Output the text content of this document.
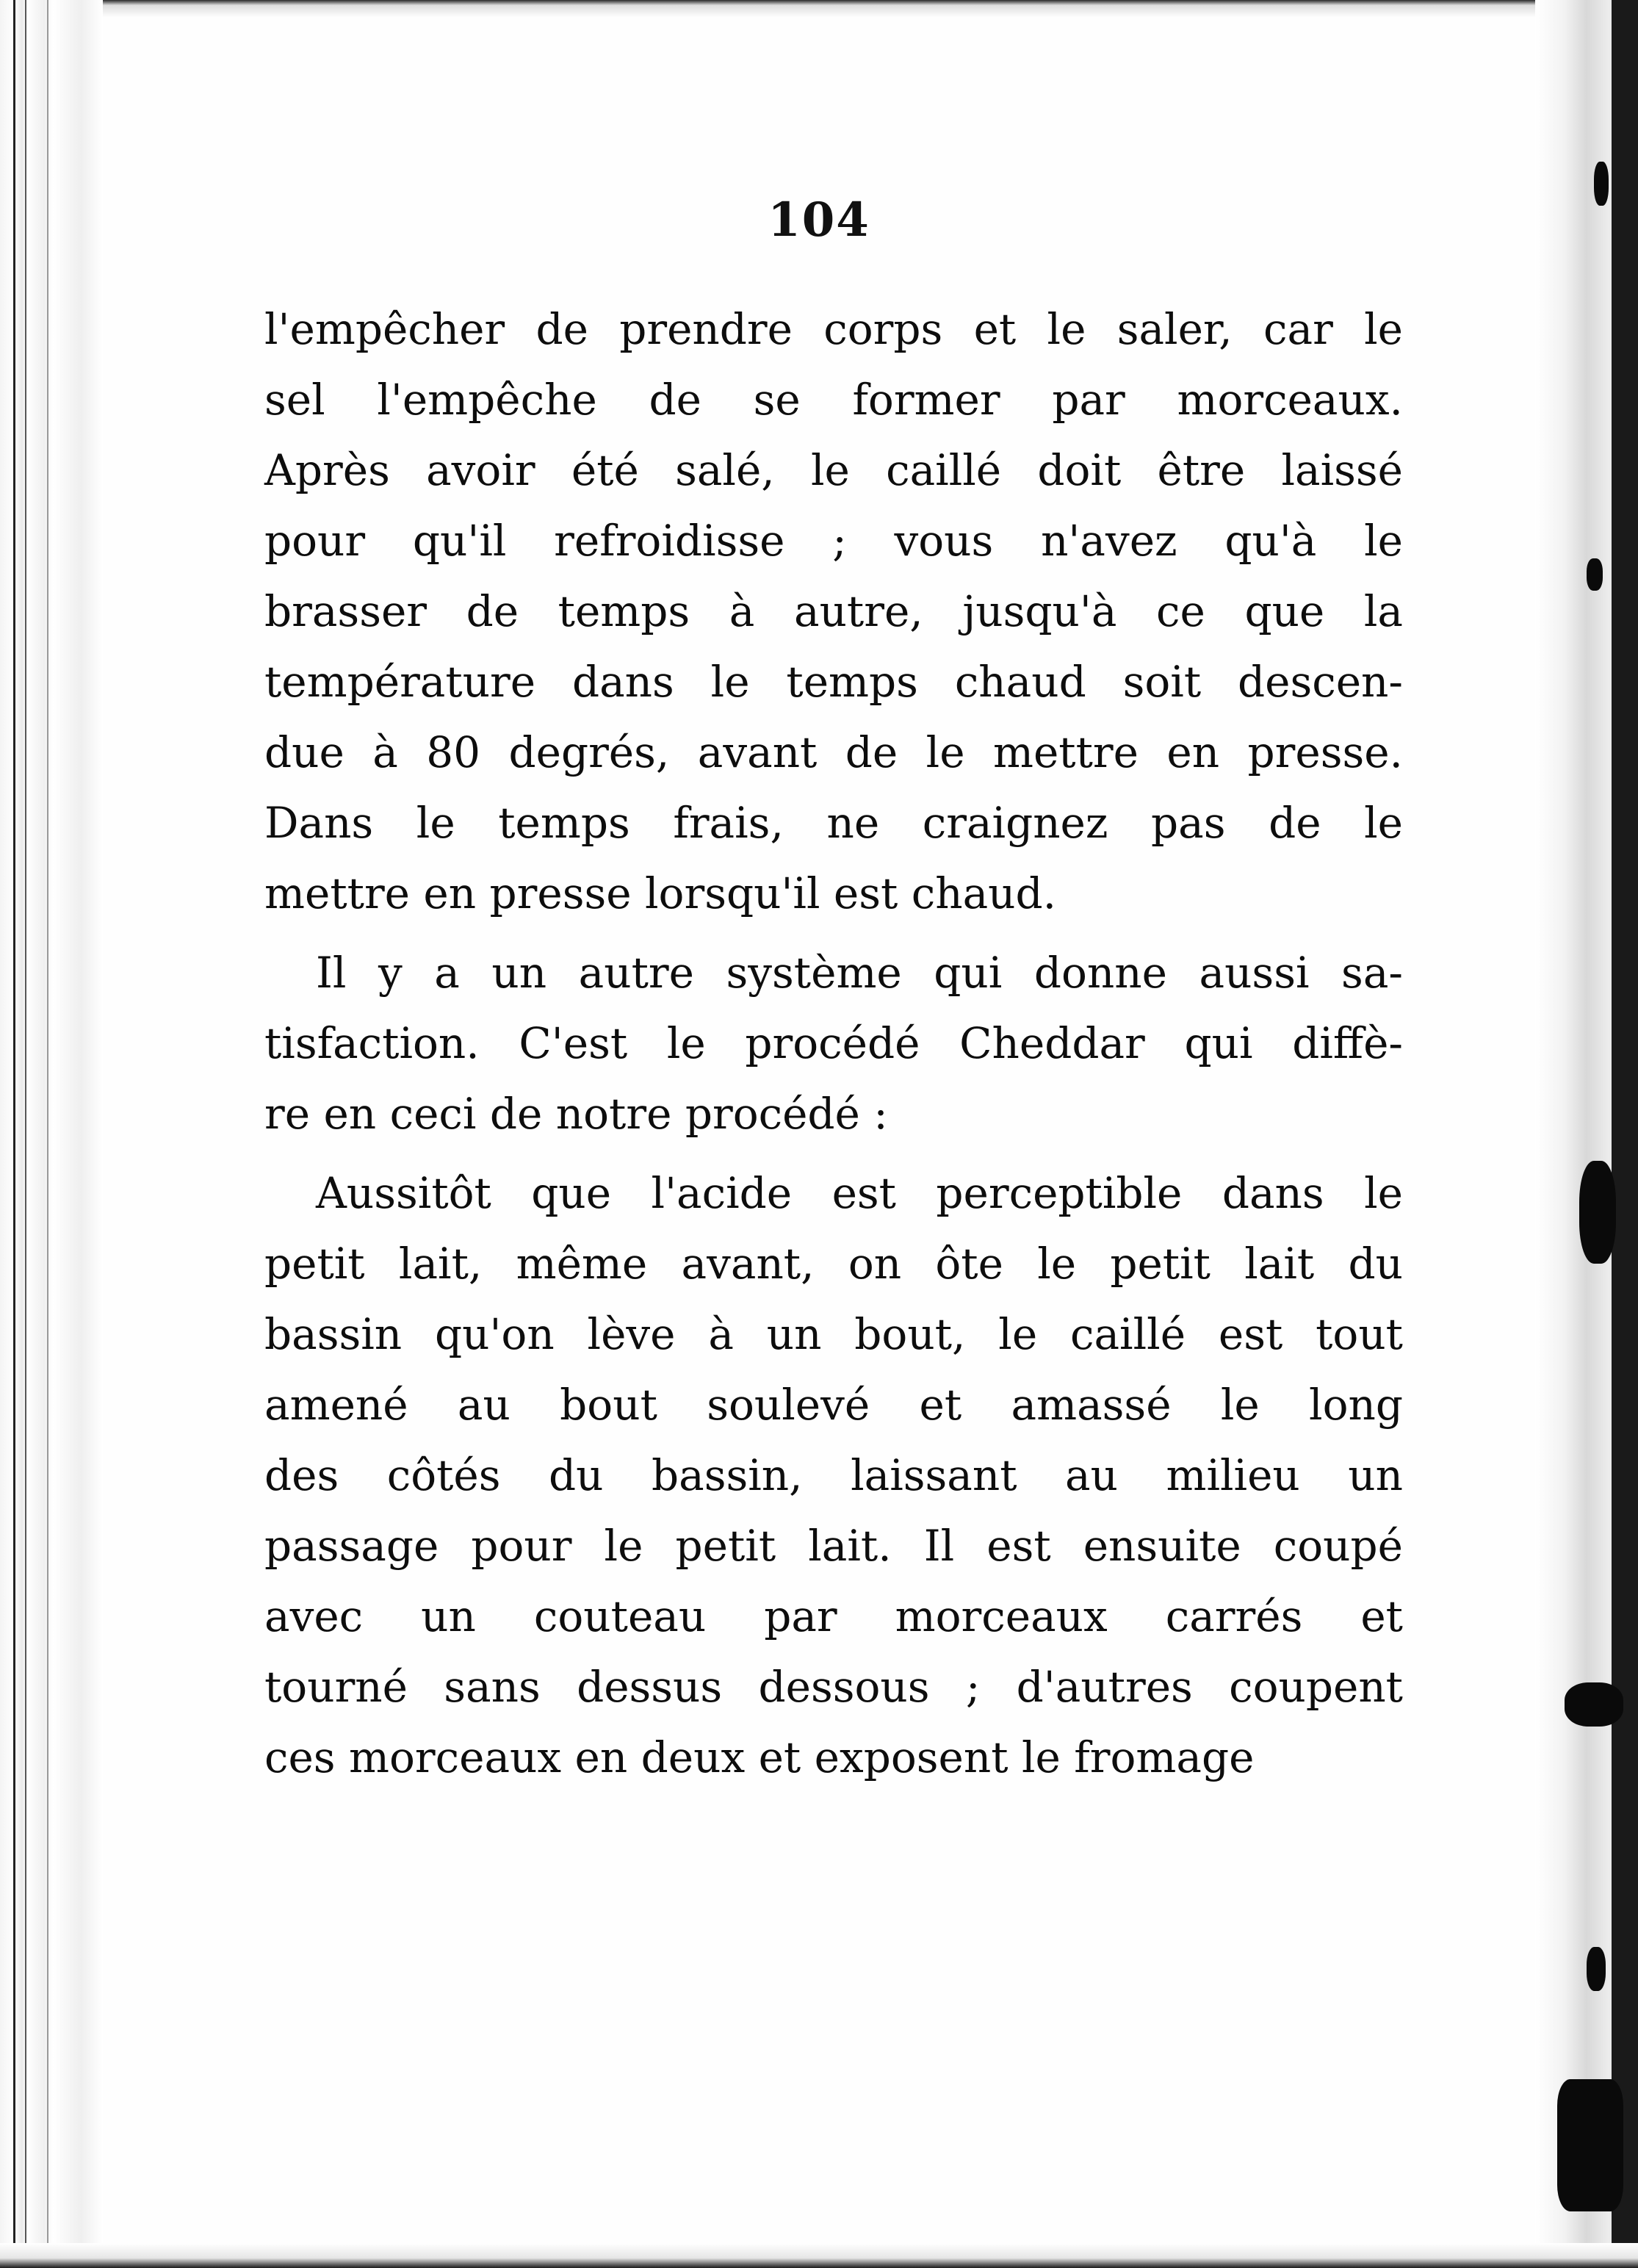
104
l'empêcher de prendre corps et le saler, car le
sel l'empêche de se former par morceaux.
Après avoir été salé, le caillé doit être laissé
pour qu'il refroidisse ; vous n'avez qu'à le
brasser de temps à autre, jusqu'à ce que la
température dans le temps chaud soit descen-
due à 80 degrés, avant de le mettre en presse.
Dans le temps frais, ne craignez pas de le
mettre en presse lorsqu'il est chaud.
Il y a un autre système qui donne aussi sa-
tisfaction. C'est le procédé Cheddar qui diffè-
re en ceci de notre procédé :
Aussitôt que l'acide est perceptible dans le
petit lait, même avant, on ôte le petit lait du
bassin qu'on lève à un bout, le caillé est tout
amené au bout soulevé et amassé le long
des côtés du bassin, laissant au milieu un
passage pour le petit lait. Il est ensuite coupé
avec un couteau par morceaux carrés et
tourné sans dessus dessous ; d'autres coupent
ces morceaux en deux et exposent le fromage
